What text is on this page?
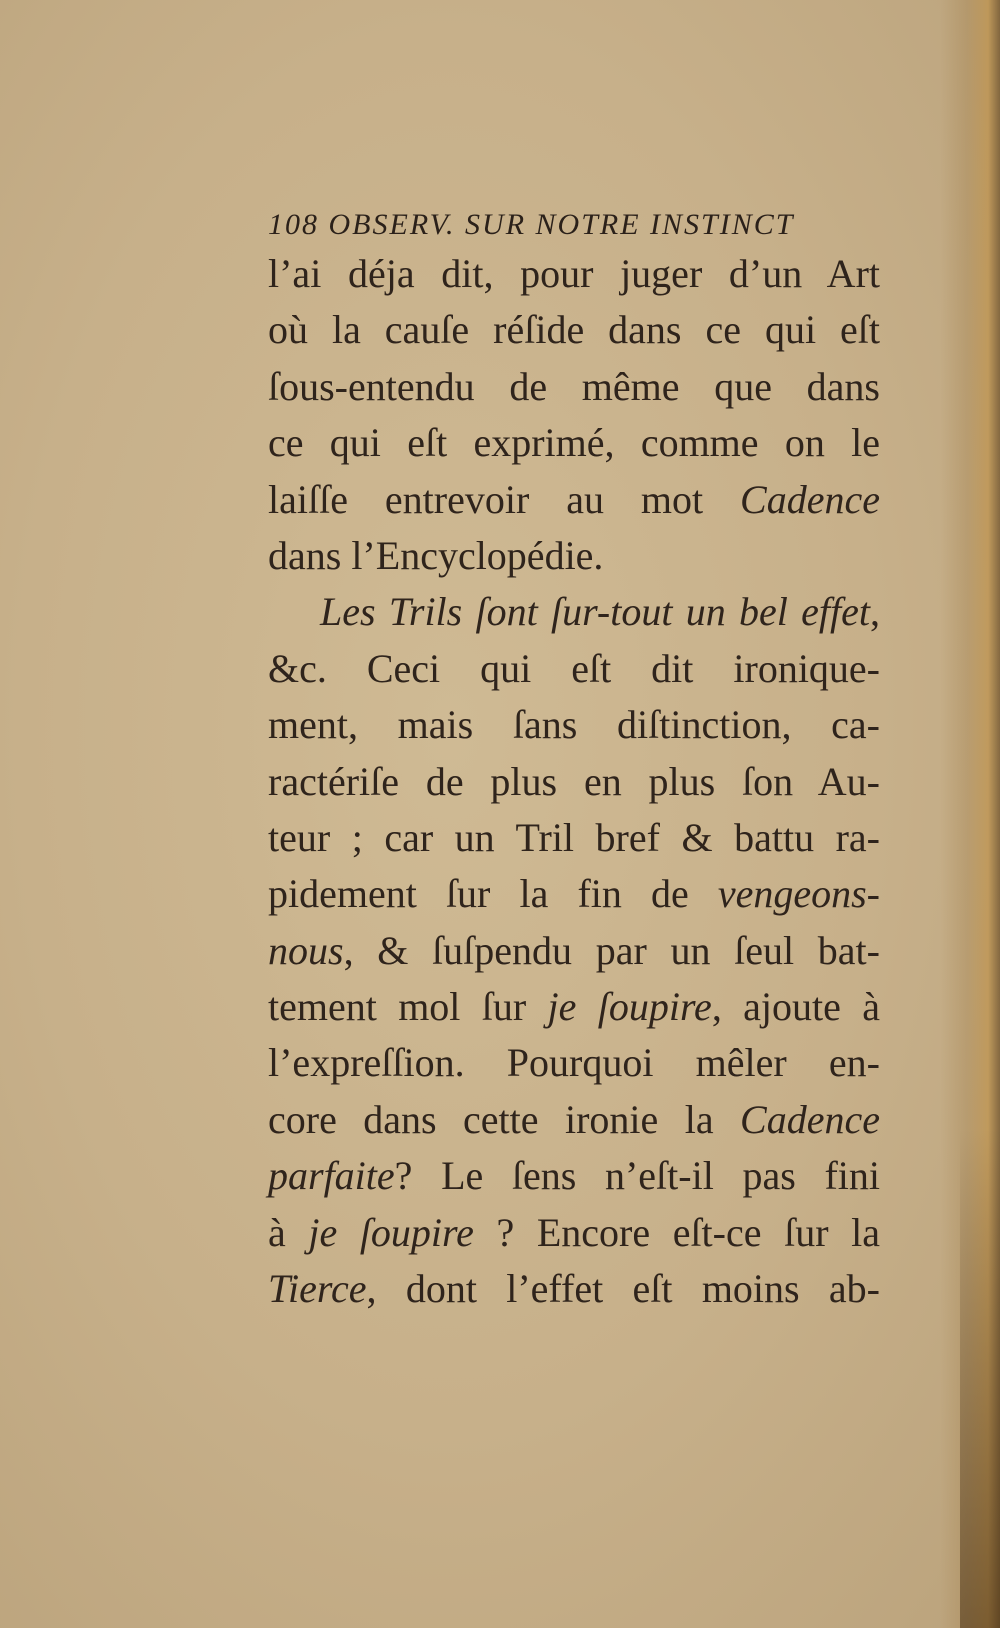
108 OBSERV. SUR NOTRE INSTINCT
l’ai déja dit, pour juger d’un Art
où la cauſe réſide dans ce qui eſt
ſous-entendu de même que dans
ce qui eſt exprimé, comme on le
laiſſe entrevoir au mot Cadence
dans l’Encyclopédie.
Les Trils ſont ſur-tout un bel effet,
&c. Ceci qui eſt dit ironique-
ment, mais ſans diſtinction, ca-
ractériſe de plus en plus ſon Au-
teur ; car un Tril bref & battu ra-
pidement ſur la fin de vengeons-
nous, & ſuſpendu par un ſeul bat-
tement mol ſur je ſoupire, ajoute à
l’expreſſion. Pourquoi mêler en-
core dans cette ironie la Cadence
parfaite? Le ſens n’eſt-il pas fini
à je ſoupire ? Encore eſt-ce ſur la
Tierce, dont l’effet eſt moins ab-
